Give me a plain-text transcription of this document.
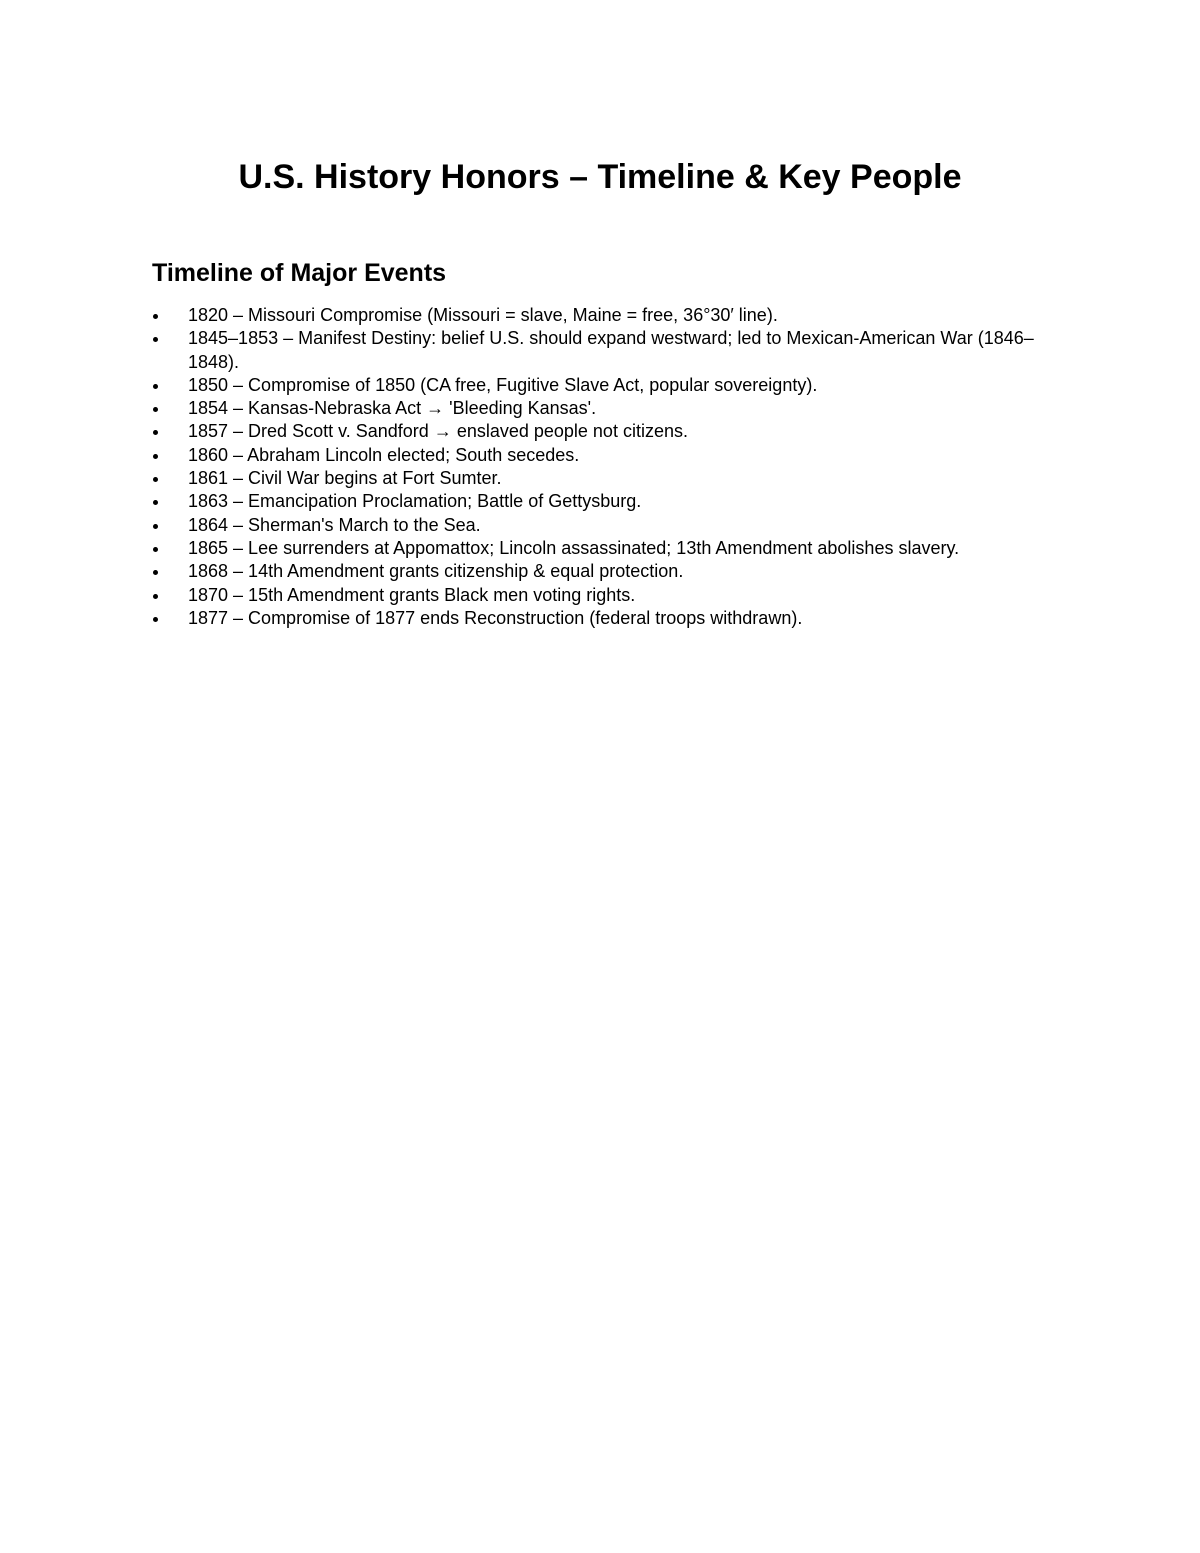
U.S. History Honors – Timeline & Key People
Timeline of Major Events
1820 – Missouri Compromise (Missouri = slave, Maine = free, 36°30′ line).
1845–1853 – Manifest Destiny: belief U.S. should expand westward; led to Mexican-American War (1846–1848).
1850 – Compromise of 1850 (CA free, Fugitive Slave Act, popular sovereignty).
1854 – Kansas-Nebraska Act → 'Bleeding Kansas'.
1857 – Dred Scott v. Sandford → enslaved people not citizens.
1860 – Abraham Lincoln elected; South secedes.
1861 – Civil War begins at Fort Sumter.
1863 – Emancipation Proclamation; Battle of Gettysburg.
1864 – Sherman's March to the Sea.
1865 – Lee surrenders at Appomattox; Lincoln assassinated; 13th Amendment abolishes slavery.
1868 – 14th Amendment grants citizenship & equal protection.
1870 – 15th Amendment grants Black men voting rights.
1877 – Compromise of 1877 ends Reconstruction (federal troops withdrawn).
